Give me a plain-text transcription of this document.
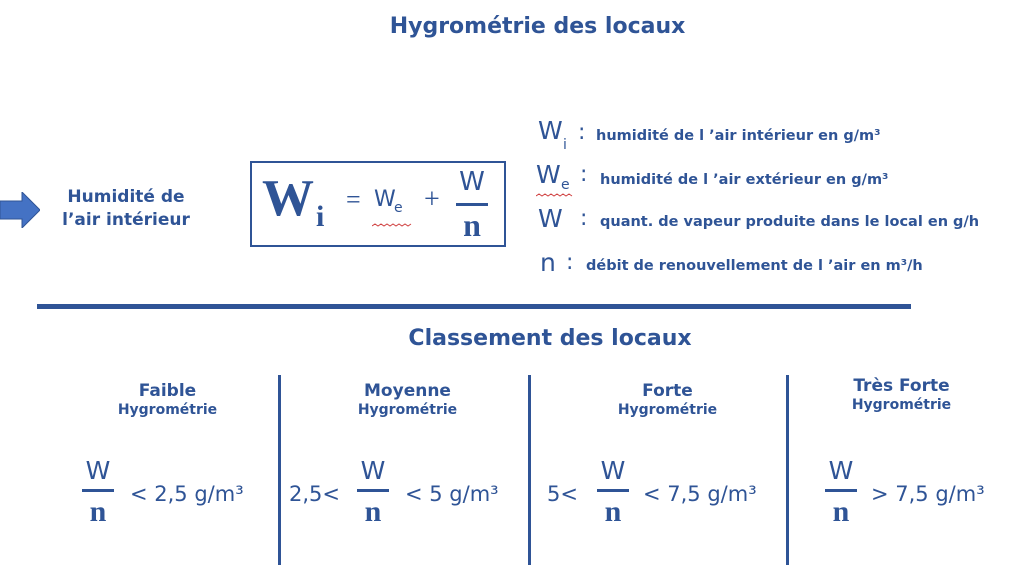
Hygrométrie des locaux
Humidité de l’air intérieur W i
= W
e +
W
n
W i : humidité de l ’air intérieur en g/m³
W e : humidité de l ’air extérieur en g/m³
W : quant. de vapeur produite dans le local en g/h
n : débit de renouvellement de l ’air en m³/h
Classement des locaux
Faible
Hygrométrie
W
n
< 2,5 g/m³
Moyenne
Hygrométrie
2,5<
W
n
< 5 g/m³
Forte
Hygrométrie
5<
W
n
< 7,5 g/m³
Très Forte
Hygrométrie
W
n
> 7,5 g/m³
